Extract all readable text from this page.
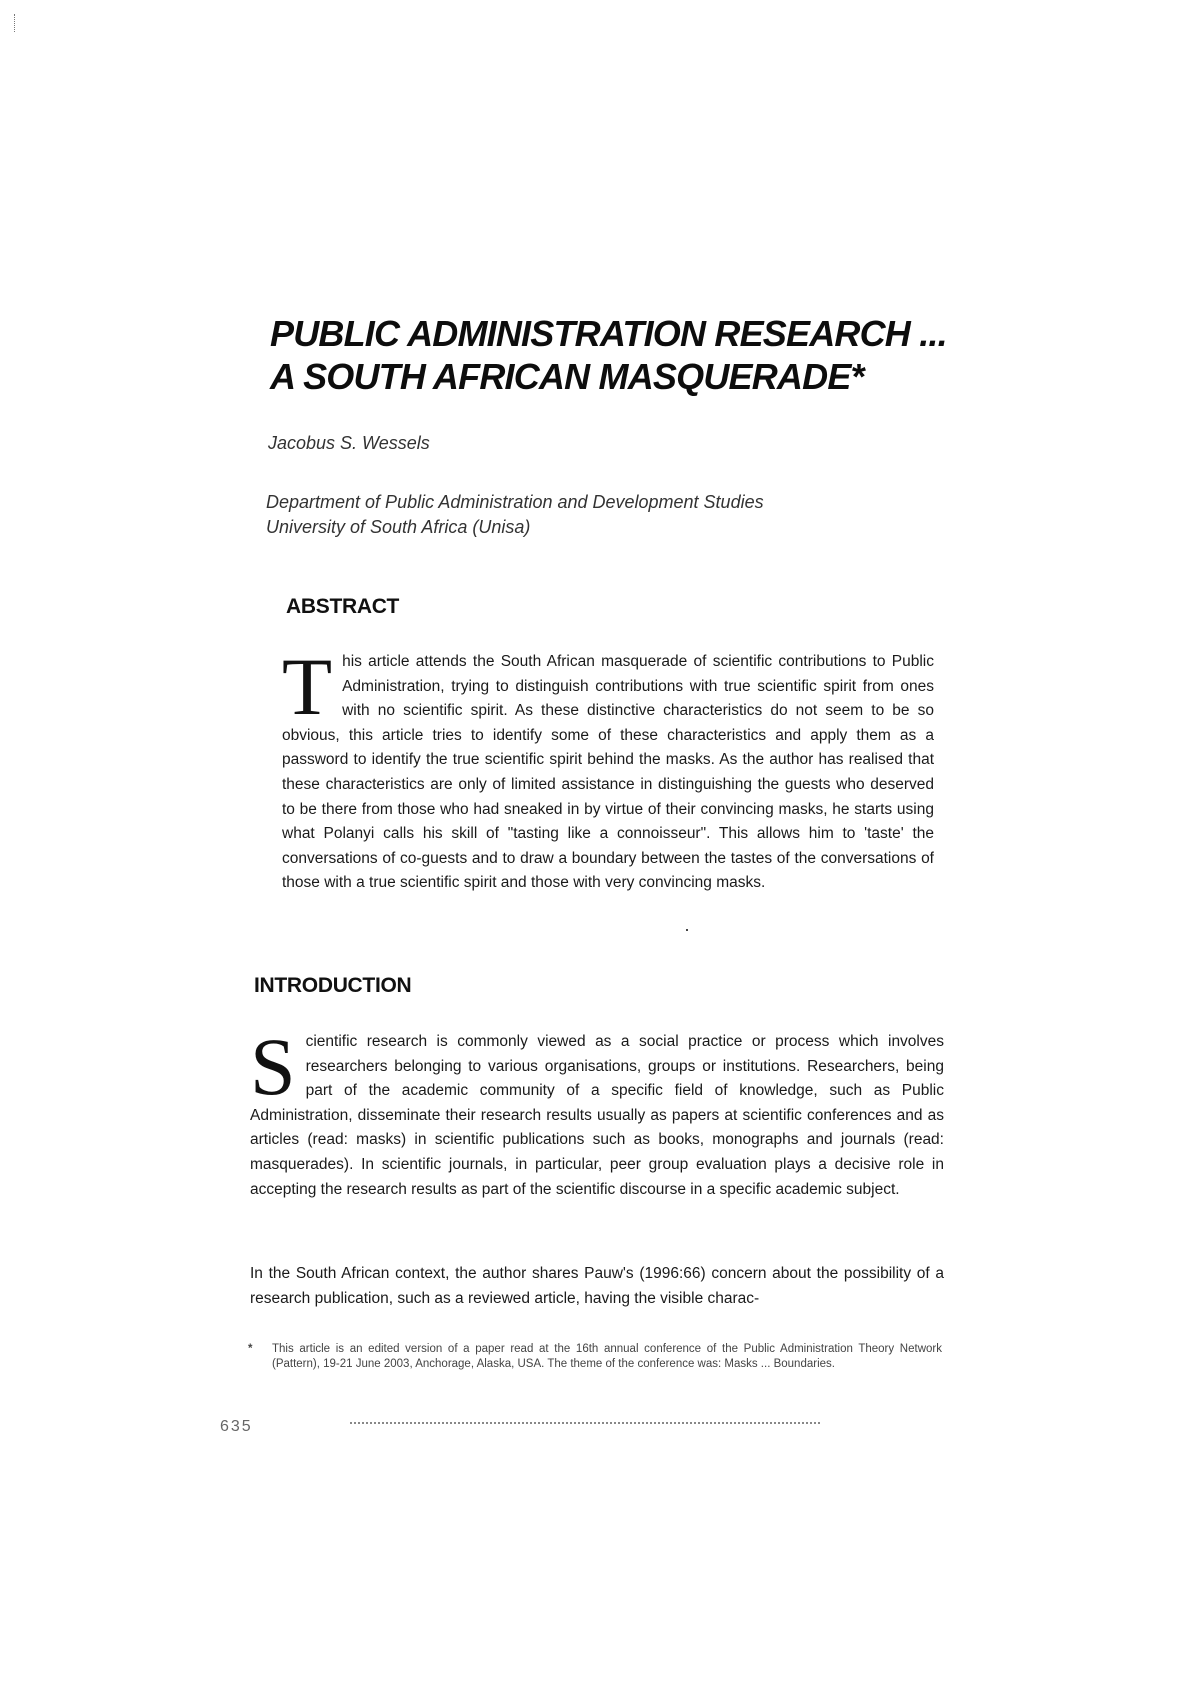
PUBLIC ADMINISTRATION RESEARCH ...
A SOUTH AFRICAN MASQUERADE*
Jacobus S. Wessels
Department of Public Administration and Development Studies
University of South Africa (Unisa)
ABSTRACT

This article attends the South African masquerade of scientific contributions to Public Administration, trying to distinguish contributions with true scientific spirit from ones with no scientific spirit. As these distinctive characteristics do not seem to be so obvious, this article tries to identify some of these characteristics and apply them as a password to identify the true scientific spirit behind the masks. As the author has realised that these characteristics are only of limited assistance in distinguishing the guests who deserved to be there from those who had sneaked in by virtue of their convincing masks, he starts using what Polanyi calls his skill of "tasting like a connoisseur". This allows him to 'taste' the conversations of co-guests and to draw a boundary between the tastes of the conversations of those with a true scientific spirit and those with very convincing masks.

INTRODUCTION

Scientific research is commonly viewed as a social practice or process which involves researchers belonging to various organisations, groups or institutions. Researchers, being part of the academic community of a specific field of knowledge, such as Public Administration, disseminate their research results usually as papers at scientific conferences and as articles (read: masks) in scientific publications such as books, monographs and journals (read: masquerades). In scientific journals, in particular, peer group evaluation plays a decisive role in accepting the research results as part of the scientific discourse in a specific academic subject.

In the South African context, the author shares Pauw's (1996:66) concern about the possibility of a research publication, such as a reviewed article, having the visible charac-

* This article is an edited version of a paper read at the 16th annual conference of the Public Administration Theory Network (Pattern), 19-21 June 2003, Anchorage, Alaska, USA. The theme of the conference was: Masks ... Boundaries.
635
